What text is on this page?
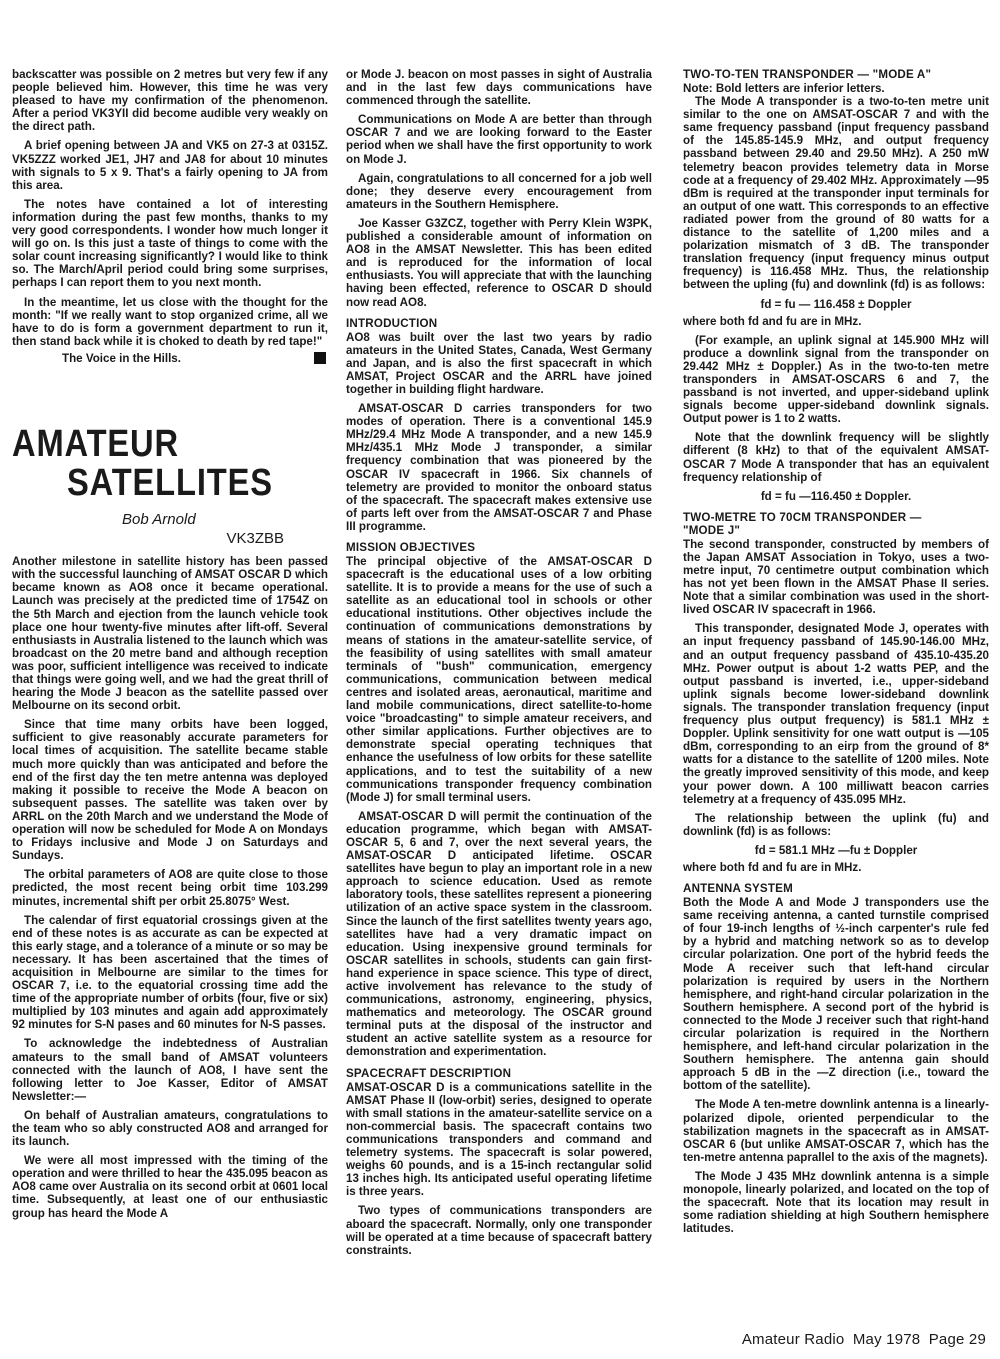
backscatter was possible on 2 metres but very few if any people believed him. However, this time he was very pleased to have my confirmation of the phenomenon. After a period VK3YII did become audible very weakly on the direct path.

A brief opening between JA and VK5 on 27-3 at 0315Z. VK5ZZZ worked JE1, JH7 and JA8 for about 10 minutes with signals to 5 x 9. That's a fairly opening to JA from this area.

The notes have contained a lot of interesting information during the past few months, thanks to my very good correspondents. I wonder how much longer it will go on. Is this just a taste of things to come with the solar count increasing significantly? I would like to think so. The March/April period could bring some surprises, perhaps I can report them to you next month.

In the meantime, let us close with the thought for the month: "If we really want to stop organized crime, all we have to do is form a government department to run it, then stand back while it is choked to death by red tape!"

The Voice in the Hills.
AMATEUR
SATELLITES
Bob Arnold
VK3ZBB

Another milestone in satellite history has been passed with the successful launching of AMSAT OSCAR D which became known as AO8 once it became operational. Launch was precisely at the predicted time of 1754Z on the 5th March and ejection from the launch vehicle took place one hour twenty-five minutes after lift-off. Several enthusiasts in Australia listened to the launch which was broadcast on the 20 metre band and although reception was poor, sufficient intelligence was received to indicate that things were going well, and we had the great thrill of hearing the Mode J beacon as the satellite passed over Melbourne on its second orbit.

Since that time many orbits have been logged, sufficient to give reasonably accurate parameters for local times of acquisition. The satellite became stable much more quickly than was anticipated and before the end of the first day the ten metre antenna was deployed making it possible to receive the Mode A beacon on subsequent passes. The satellite was taken over by ARRL on the 20th March and we understand the Mode of operation will now be scheduled for Mode A on Mondays to Fridays inclusive and Mode J on Saturdays and Sundays.

The orbital parameters of AO8 are quite close to those predicted, the most recent being orbit time 103.299 minutes, incremental shift per orbit 25.8075° West.

The calendar of first equatorial crossings given at the end of these notes is as accurate as can be expected at this early stage, and a tolerance of a minute or so may be necessary. It has been ascertained that the times of acquisition in Melbourne are similar to the times for OSCAR 7, i.e. to the equatorial crossing time add the time of the appropriate number of orbits (four, five or six) multiplied by 103 minutes and again add approximately 92 minutes for S-N pases and 60 minutes for N-S passes.

To acknowledge the indebtedness of Australian amateurs to the small band of AMSAT volunteers connected with the launch of AO8, I have sent the following letter to Joe Kasser, Editor of AMSAT Newsletter:—

On behalf of Australian amateurs, congratulations to the team who so ably constructed AO8 and arranged for its launch.

We were all most impressed with the timing of the operation and were thrilled to hear the 435.095 beacon as AO8 came over Australia on its second orbit at 0601 local time. Subsequently, at least one of our enthusiastic group has heard the Mode A

or Mode J. beacon on most passes in sight of Australia and in the last few days communications have commenced through the satellite.

Communications on Mode A are better than through OSCAR 7 and we are looking forward to the Easter period when we shall have the first opportunity to work on Mode J.

Again, congratulations to all concerned for a job well done; they deserve every encouragement from amateurs in the Southern Hemisphere.

Joe Kasser G3ZCZ, together with Perry Klein W3PK, published a considerable amount of information on AO8 in the AMSAT Newsletter. This has been edited and is reproduced for the information of local enthusiasts. You will appreciate that with the launching having been effected, reference to OSCAR D should now read AO8.

INTRODUCTION

AO8 was built over the last two years by radio amateurs in the United States, Canada, West Germany and Japan, and is also the first spacecraft in which AMSAT, Project OSCAR and the ARRL have joined together in building flight hardware.

AMSAT-OSCAR D carries transponders for two modes of operation. There is a conventional 145.9 MHz/29.4 MHz Mode A transponder, and a new 145.9 MHz/435.1 MHz Mode J transponder, a similar frequency combination that was pioneered by the OSCAR IV spacecraft in 1966. Six channels of telemetry are provided to monitor the onboard status of the spacecraft. The spacecraft makes extensive use of parts left over from the AMSAT-OSCAR 7 and Phase III programme.

MISSION OBJECTIVES

The principal objective of the AMSAT-OSCAR D spacecraft is the educational uses of a low orbiting satellite. It is to provide a means for the use of such a satellite as an educational tool in schools or other educational institutions. Other objectives include the continuation of communications demonstrations by means of stations in the amateur-satellite service, of the feasibility of using satellites with small amateur terminals of "bush" communication, emergency communications, communication between medical centres and isolated areas, aeronautical, maritime and land mobile communications, direct satellite-to-home voice "broadcasting" to simple amateur receivers, and other similar applications. Further objectives are to demonstrate special operating techniques that enhance the usefulness of low orbits for these satellite applications, and to test the suitability of a new communications transponder frequency combination (Mode J) for small terminal users.

AMSAT-OSCAR D will permit the continuation of the education programme, which began with AMSAT-OSCAR 5, 6 and 7, over the next several years, the AMSAT-OSCAR D anticipated lifetime. OSCAR satellites have begun to play an important role in a new approach to science education. Used as remote laboratory tools, these satellites represent a pioneering utilization of an active space system in the classroom. Since the launch of the first satellites twenty years ago, satellites have had a very dramatic impact on education. Using inexpensive ground terminals for OSCAR satellites in schools, students can gain first-hand experience in space science. This type of direct, active involvement has relevance to the study of communications, astronomy, engineering, physics, mathematics and meteorology. The OSCAR ground terminal puts at the disposal of the instructor and student an active satellite system as a resource for demonstration and experimentation.

SPACECRAFT DESCRIPTION

AMSAT-OSCAR D is a communications satellite in the AMSAT Phase II (low-orbit) series, designed to operate with small stations in the amateur-satellite service on a non-commercial basis. The spacecraft contains two communications transponders and command and telemetry systems. The spacecraft is solar powered, weighs 60 pounds, and is a 15-inch rectangular solid 13 inches high. Its anticipated useful operating lifetime is three years.

Two types of communications transponders are aboard the spacecraft. Normally, only one transponder will be operated at a time because of spacecraft battery constraints.

TWO-TO-TEN TRANSPONDER — "MODE A"

Note: Bold letters are inferior letters.

The Mode A transponder is a two-to-ten metre unit similar to the one on AMSAT-OSCAR 7 and with the same frequency passband (input frequency passband of the 145.85-145.9 MHz, and output frequency passband between 29.40 and 29.50 MHz). A 250 mW telemetry beacon provides telemetry data in Morse code at a frequency of 29.402 MHz. Approximately —95 dBm is required at the transponder input terminals for an output of one watt. This corresponds to an effective radiated power from the ground of 80 watts for a distance to the satellite of 1,200 miles and a polarization mismatch of 3 dB. The transponder translation frequency (input frequency minus output frequency) is 116.458 MHz. Thus, the relationship between the upling (fu) and downlink (fd) is as follows:

fd = fu — 116.458 ± Doppler

where both fd and fu are in MHz.

(For example, an uplink signal at 145.900 MHz will produce a downlink signal from the transponder on 29.442 MHz ± Doppler.) As in the two-to-ten metre transponders in AMSAT-OSCARS 6 and 7, the passband is not inverted, and upper-sideband uplink signals become upper-sideband downlink signals. Output power is 1 to 2 watts.

Note that the downlink frequency will be slightly different (8 kHz) to that of the equivalent AMSAT-OSCAR 7 Mode A transponder that has an equivalent frequency relationship of

fd = fu —116.450 ± Doppler.

TWO-METRE TO 70CM TRANSPONDER —
"MODE J"

The second transponder, constructed by members of the Japan AMSAT Association in Tokyo, uses a two-metre input, 70 centimetre output combination which has not yet been flown in the AMSAT Phase II series. Note that a similar combination was used in the short-lived OSCAR IV spacecraft in 1966.

This transponder, designated Mode J, operates with an input frequency passband of 145.90-146.00 MHz, and an output frequency passband of 435.10-435.20 MHz. Power output is about 1-2 watts PEP, and the output passband is inverted, i.e., upper-sideband uplink signals become lower-sideband downlink signals. The transponder translation frequency (input frequency plus output frequency) is 581.1 MHz ± Doppler. Uplink sensitivity for one watt output is —105 dBm, corresponding to an eirp from the ground of 8* watts for a distance to the satellite of 1200 miles. Note the greatly improved sensitivity of this mode, and keep your power down. A 100 milliwatt beacon carries telemetry at a frequency of 435.095 MHz.

The relationship between the uplink (fu) and downlink (fd) is as follows:

fd = 581.1 MHz —fu ± Doppler

where both fd and fu are in MHz.

ANTENNA SYSTEM

Both the Mode A and Mode J transponders use the same receiving antenna, a canted turnstile comprised of four 19-inch lengths of ½-inch carpenter's rule fed by a hybrid and matching network so as to develop circular polarization. One port of the hybrid feeds the Mode A receiver such that left-hand circular polarization is required by users in the Northern hemisphere, and right-hand circular polarization in the Southern hemisphere. A second port of the hybrid is connected to the Mode J receiver such that right-hand circular polarization is required in the Northern hemisphere, and left-hand circular polarization in the Southern hemisphere. The antenna gain should approach 5 dB in the —Z direction (i.e., toward the bottom of the satellite).

The Mode A ten-metre downlink antenna is a linearly-polarized dipole, oriented perpendicular to the stabilization magnets in the spacecraft as in AMSAT-OSCAR 6 (but unlike AMSAT-OSCAR 7, which has the ten-metre antenna paprallel to the axis of the magnets).

The Mode J 435 MHz downlink antenna is a simple monopole, linearly polarized, and located on the top of the spacecraft. Note that its location may result in some radiation shielding at high Southern hemisphere latitudes.

Amateur Radio May 1978 Page 29
